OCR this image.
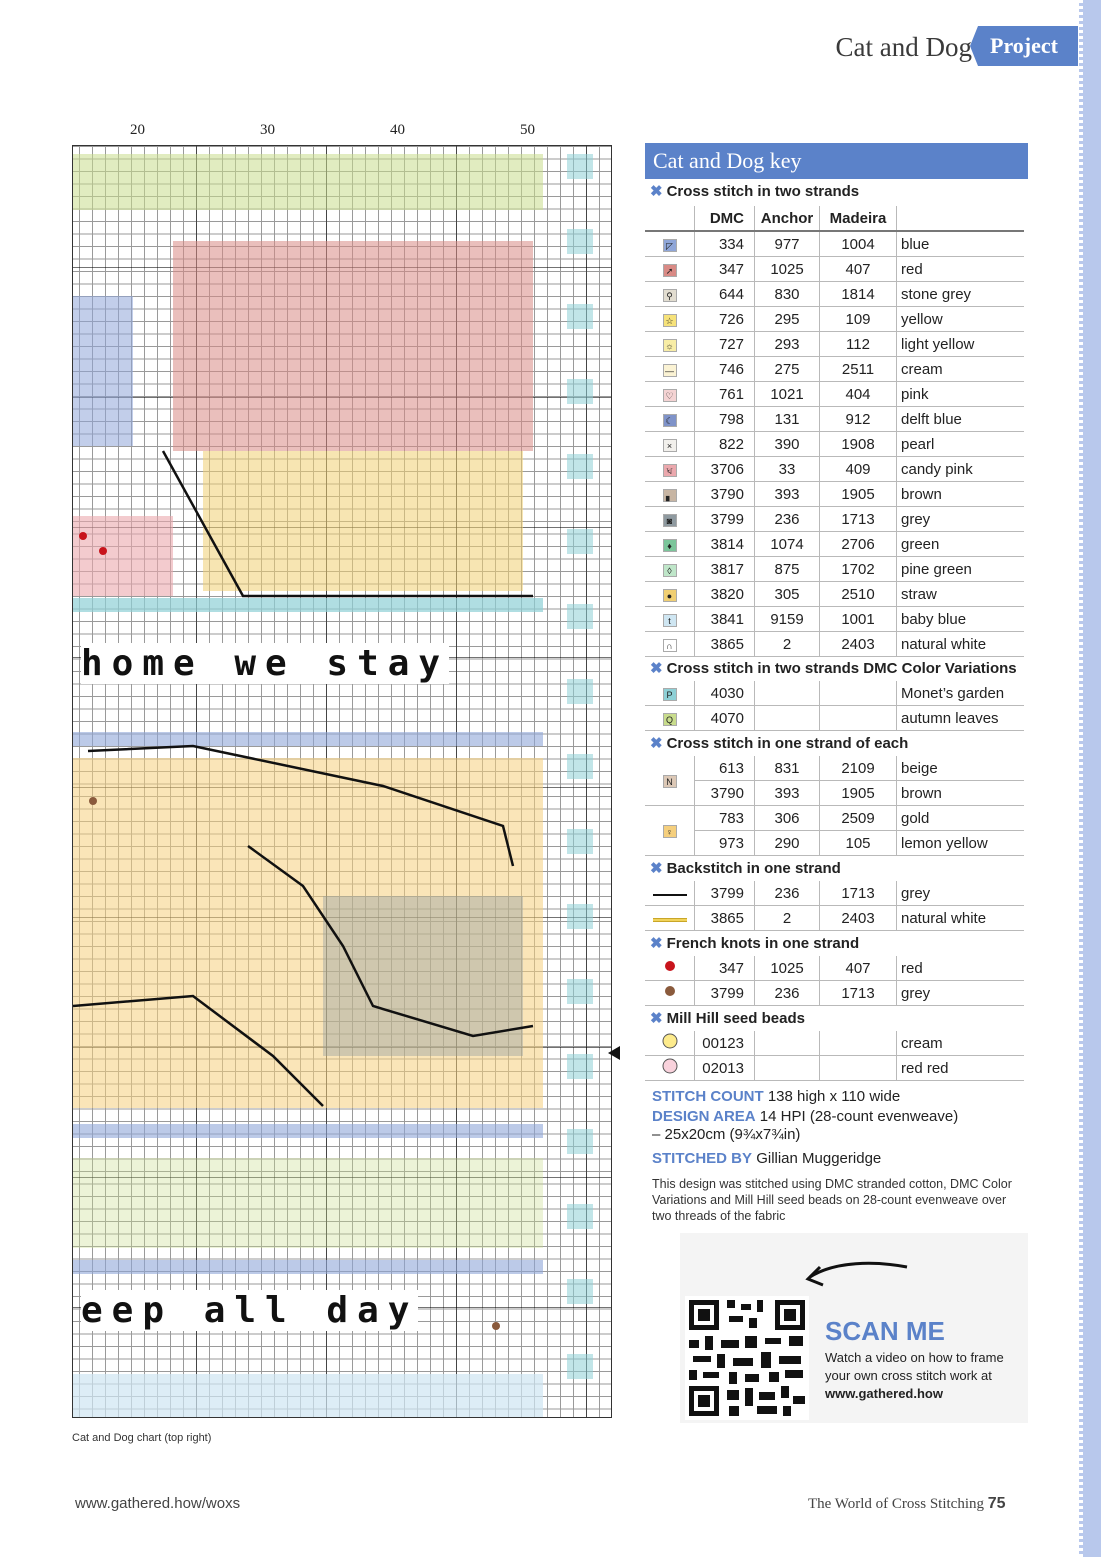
Cat and Dog Project
20	30	40	50
home we stay
eep all day
Cat and Dog chart (top right)
Cat and Dog key
✖ Cross stitch in two strands
	DMC	Anchor	Madeira	
◸	334	977	1004	blue
➚	347	1025	407	red
⚲	644	830	1814	stone grey
☆	726	295	109	yellow
☼	727	293	112	light yellow
—	746	275	2511	cream
♡	761	1021	404	pink
☾	798	131	912	delft blue
×	822	390	1908	pearl
ঘ	3706	33	409	candy pink
▖	3790	393	1905	brown
◙	3799	236	1713	grey
♦	3814	1074	2706	green
◊	3817	875	1702	pine green
●	3820	305	2510	straw
t	3841	9159	1001	baby blue
∩	3865	2	2403	natural white
✖ Cross stitch in two strands DMC Color Variations
P	4030			Monet’s garden
Q	4070			autumn leaves
✖ Cross stitch in one strand of each
N	613	831	2109	beige
	3790	393	1905	brown
♀	783	306	2509	gold
	973	290	105	lemon yellow
✖ Backstitch in one strand
	3799	236	1713	grey
	3865	2	2403	natural white
✖ French knots in one strand
	347	1025	407	red
	3799	236	1713	grey
✖ Mill Hill seed beads
	00123			cream
	02013			red red
STITCH COUNT 138 high x 110 wide
DESIGN AREA 14 HPI (28-count evenweave)
– 25x20cm (9¾x7¾in)
STITCHED BY Gillian Muggeridge
This design was stitched using DMC stranded cotton, DMC Color Variations and Mill Hill seed beads on 28-count evenweave over two threads of the fabric
SCAN ME
Watch a video on how to frame your own cross stitch work at
www.gathered.how
www.gathered.how/woxs	The World of Cross Stitching 75
